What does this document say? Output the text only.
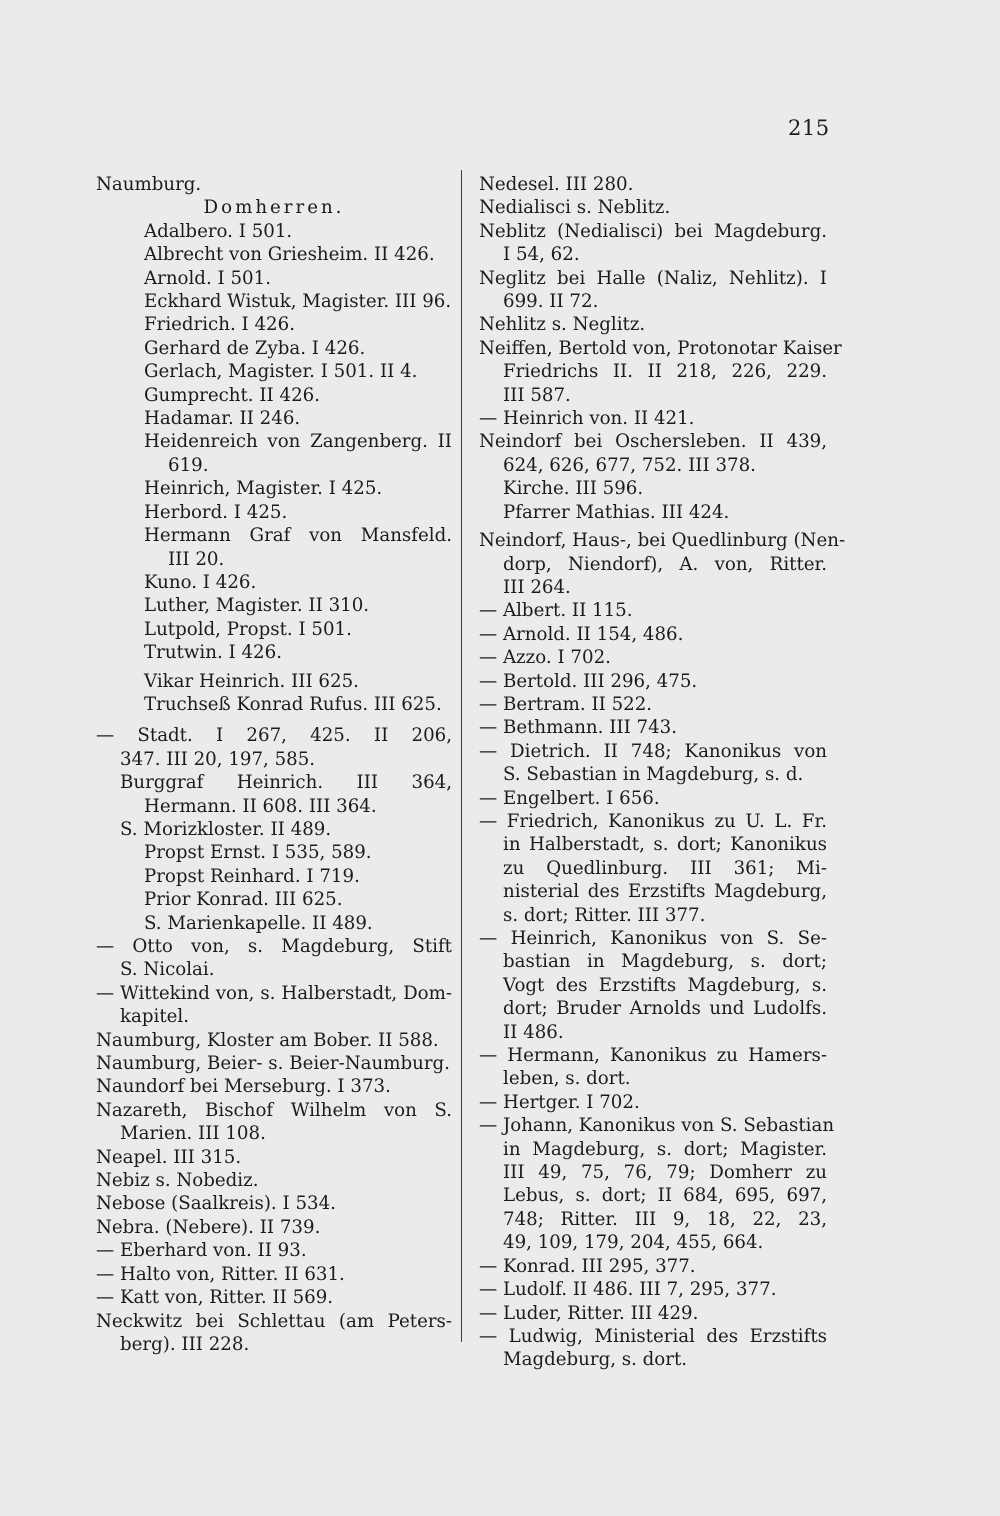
215
Naumburg.
Domherren.
Adalbero. I 501.
Albrecht von Griesheim. II 426.
Arnold. I 501.
Eckhard Wistuk, Magister. III 96.
Friedrich. I 426.
Gerhard de Zyba. I 426.
Gerlach, Magister. I 501. II 4.
Gumprecht. II 426.
Hadamar. II 246.
Heidenreich von Zangenberg. II
619.
Heinrich, Magister. I 425.
Herbord. I 425.
Hermann Graf von Mansfeld.
III 20.
Kuno. I 426.
Luther, Magister. II 310.
Lutpold, Propst. I 501.
Trutwin. I 426.
Vikar Heinrich. III 625.
Truchseß Konrad Rufus. III 625.
— Stadt. I 267, 425. II 206,
347. III 20, 197, 585.
Burggraf Heinrich. III 364,
Hermann. II 608. III 364.
S. Morizkloster. II 489.
Propst Ernst. I 535, 589.
Propst Reinhard. I 719.
Prior Konrad. III 625.
S. Marienkapelle. II 489.
— Otto von, s. Magdeburg, Stift
S. Nicolai.
— Wittekind von, s. Halberstadt, Dom-
kapitel.
Naumburg, Kloster am Bober. II 588.
Naumburg, Beier- s. Beier-Naumburg.
Naundorf bei Merseburg. I 373.
Nazareth, Bischof Wilhelm von S.
Marien. III 108.
Neapel. III 315.
Nebiz s. Nobediz.
Nebose (Saalkreis). I 534.
Nebra. (Nebere). II 739.
— Eberhard von. II 93.
— Halto von, Ritter. II 631.
— Katt von, Ritter. II 569.
Neckwitz bei Schlettau (am Peters-
berg). III 228.
Nedesel. III 280.
Nedialisci s. Neblitz.
Neblitz (Nedialisci) bei Magdeburg.
I 54, 62.
Neglitz bei Halle (Naliz, Nehlitz). I
699. II 72.
Nehlitz s. Neglitz.
Neiffen, Bertold von, Protonotar Kaiser
Friedrichs II. II 218, 226, 229.
III 587.
— Heinrich von. II 421.
Neindorf bei Oschersleben. II 439,
624, 626, 677, 752. III 378.
Kirche. III 596.
Pfarrer Mathias. III 424.
Neindorf, Haus-, bei Quedlinburg (Nen-
dorp, Niendorf), A. von, Ritter.
III 264.
— Albert. II 115.
— Arnold. II 154, 486.
— Azzo. I 702.
— Bertold. III 296, 475.
— Bertram. II 522.
— Bethmann. III 743.
— Dietrich. II 748; Kanonikus von
S. Sebastian in Magdeburg, s. d.
— Engelbert. I 656.
— Friedrich, Kanonikus zu U. L. Fr.
in Halberstadt, s. dort; Kanonikus
zu Quedlinburg. III 361; Mi-
nisterial des Erzstifts Magdeburg,
s. dort; Ritter. III 377.
— Heinrich, Kanonikus von S. Se-
bastian in Magdeburg, s. dort;
Vogt des Erzstifts Magdeburg, s.
dort; Bruder Arnolds und Ludolfs.
II 486.
— Hermann, Kanonikus zu Hamers-
leben, s. dort.
— Hertger. I 702.
— Johann, Kanonikus von S. Sebastian
in Magdeburg, s. dort; Magister.
III 49, 75, 76, 79; Domherr zu
Lebus, s. dort; II 684, 695, 697,
748; Ritter. III 9, 18, 22, 23,
49, 109, 179, 204, 455, 664.
— Konrad. III 295, 377.
— Ludolf. II 486. III 7, 295, 377.
— Luder, Ritter. III 429.
— Ludwig, Ministerial des Erzstifts
Magdeburg, s. dort.
